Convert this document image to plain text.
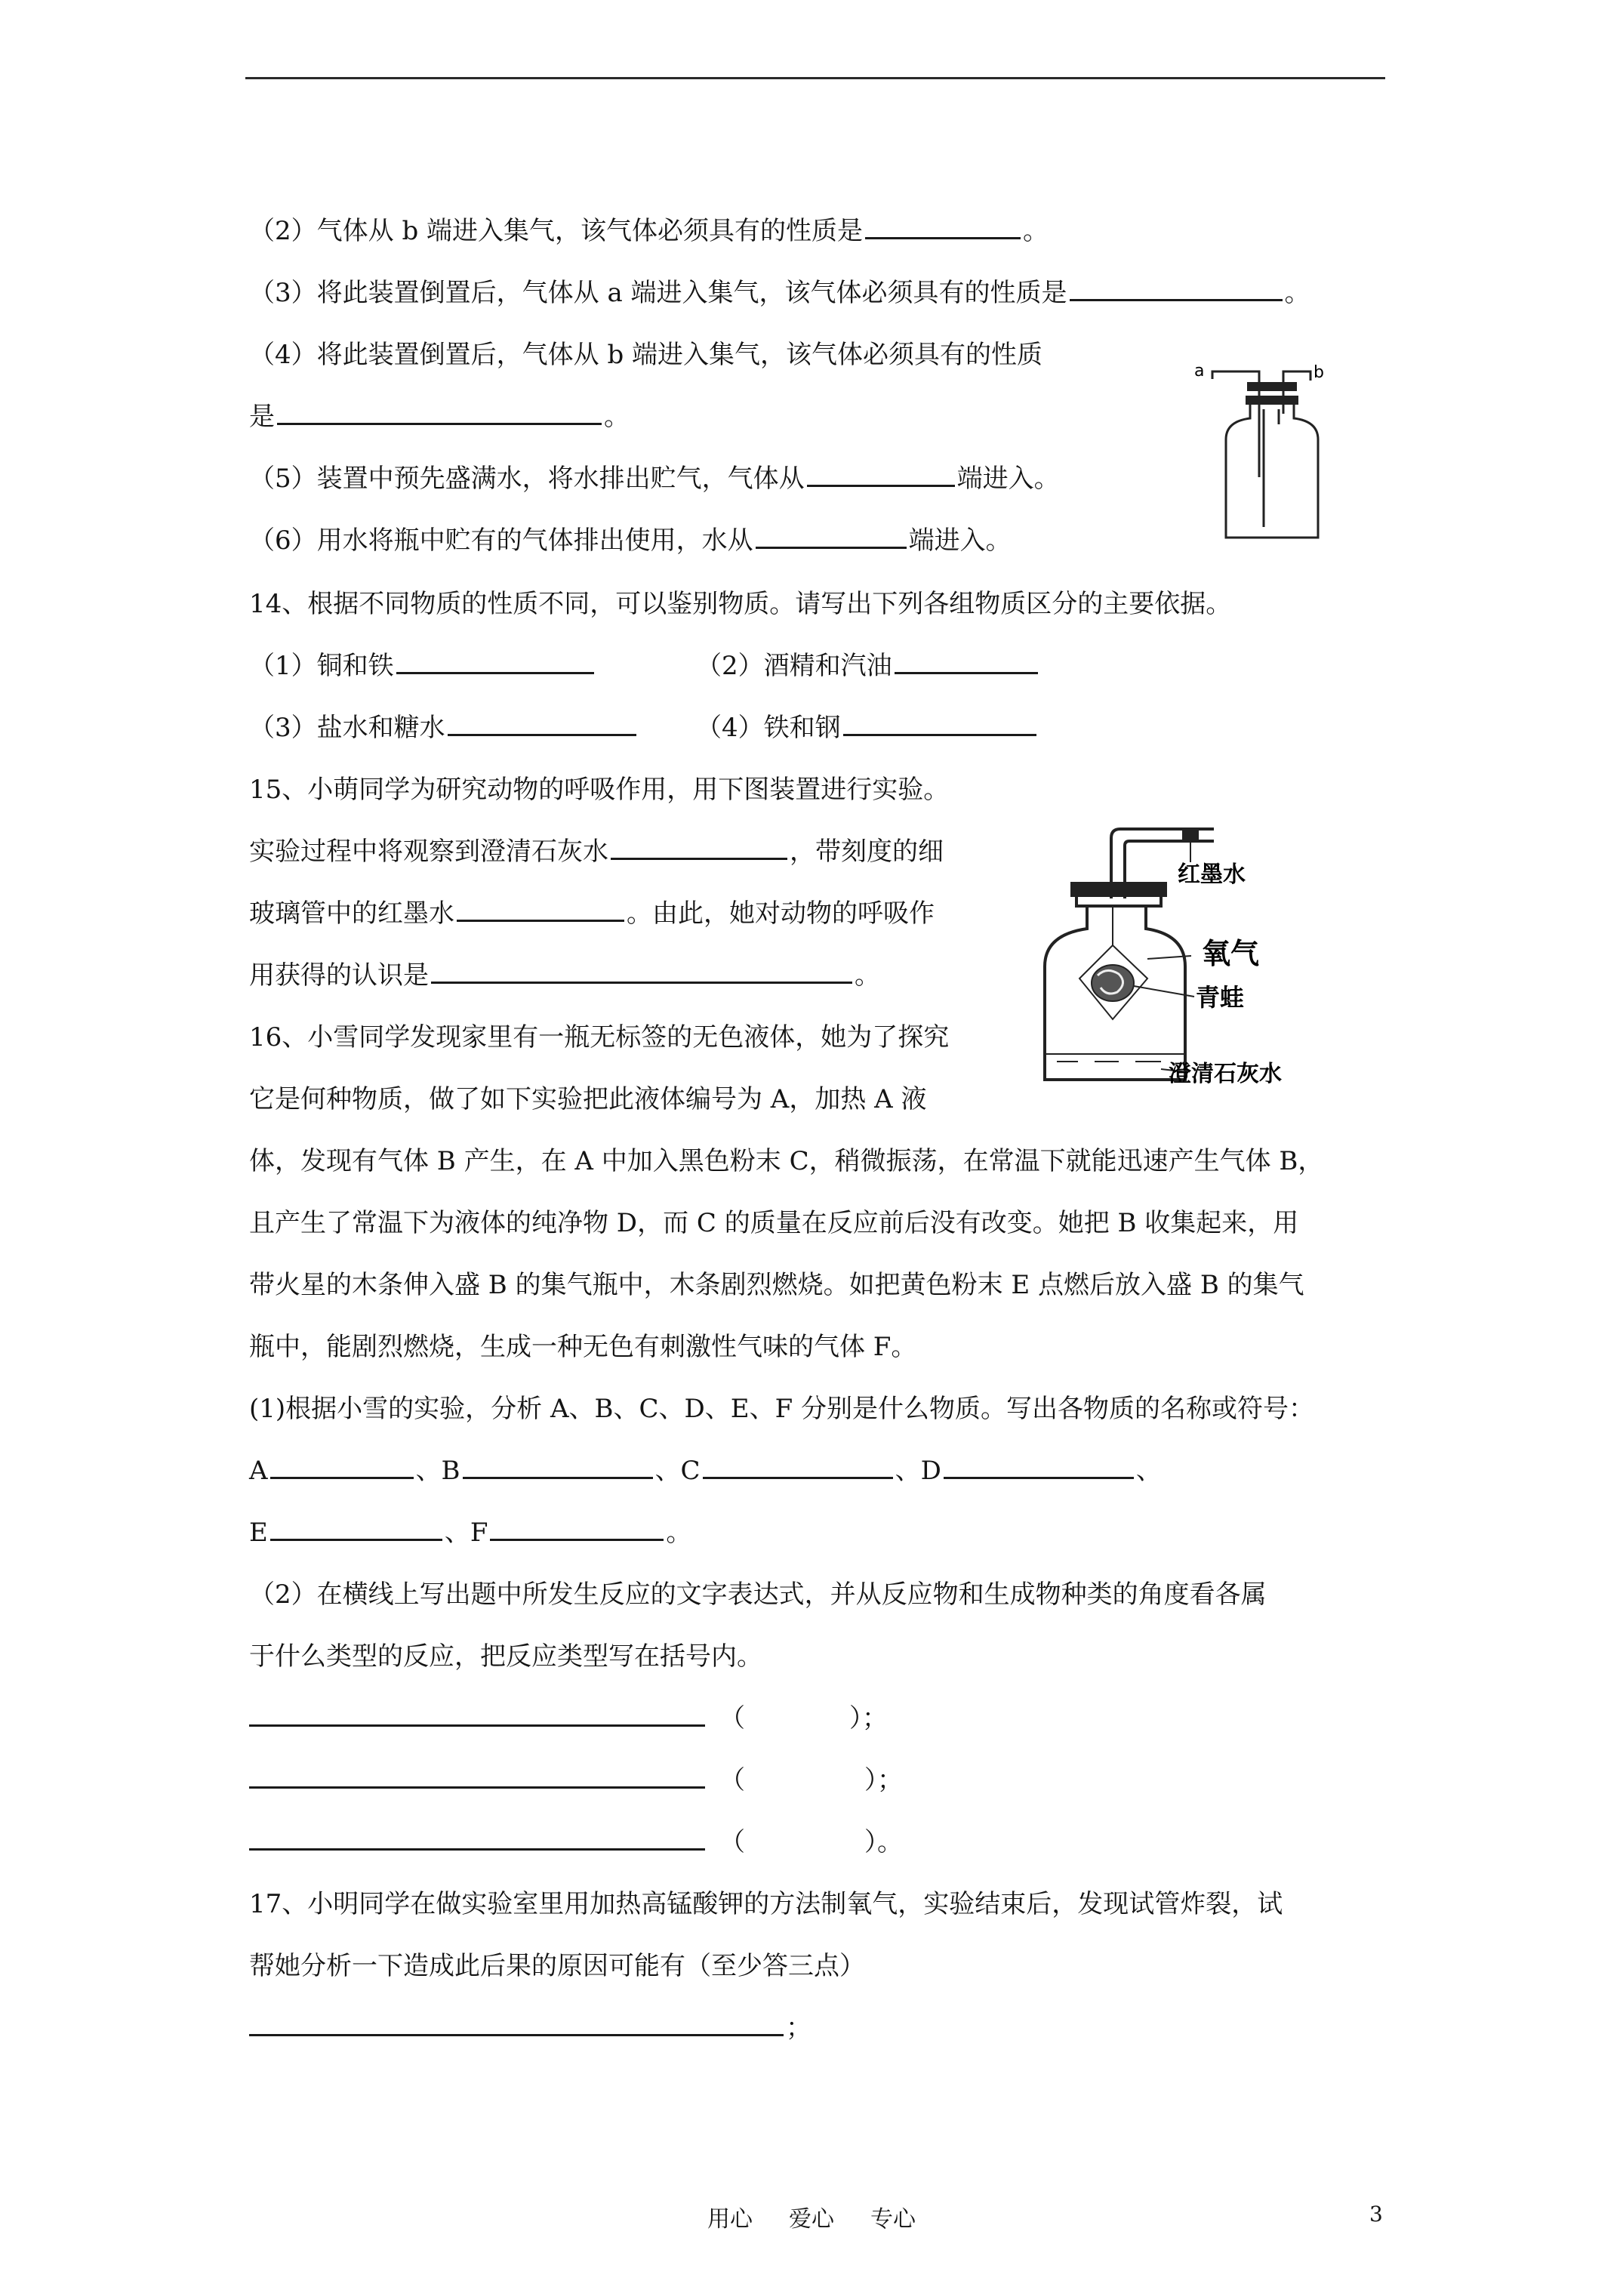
（2）气体从 b 端进入集气，该气体必须具有的性质是	。
（3）将此装置倒置后，气体从 a 端进入集气，该气体必须具有的性质是	。
（4）将此装置倒置后，气体从 b 端进入集气，该气体必须具有的性质
是	。
（5）装置中预先盛满水，将水排出贮气，气体从	端进入。
（6）用水将瓶中贮有的气体排出使用，水从	端进入。
a	b
14、根据不同物质的性质不同，可以鉴别物质。请写出下列各组物质区分的主要依据。
（1）铜和铁	（2）酒精和汽油
（3）盐水和糖水	（4）铁和钢
15、小萌同学为研究动物的呼吸作用，用下图装置进行实验。
实验过程中将观察到澄清石灰水	，带刻度的细
玻璃管中的红墨水	。由此，她对动物的呼吸作
用获得的认识是	。
红墨水
氧气
青蛙
澄清石灰水
16、小雪同学发现家里有一瓶无标签的无色液体，她为了探究
它是何种物质，做了如下实验把此液体编号为 A，加热 A 液
体，发现有气体 B 产生，在 A 中加入黑色粉末 C，稍微振荡，在常温下就能迅速产生气体 B，
且产生了常温下为液体的纯净物 D，而 C 的质量在反应前后没有改变。她把 B 收集起来，用
带火星的木条伸入盛 B 的集气瓶中，木条剧烈燃烧。如把黄色粉末 E 点燃后放入盛 B 的集气
瓶中，能剧烈燃烧，生成一种无色有刺激性气味的气体 F。
(1)根据小雪的实验，分析 A、B、C、D、E、F 分别是什么物质。写出各物质的名称或符号：
A	、B	、C	、D	、
E	、F	。
（2）在横线上写出题中所发生反应的文字表达式，并从反应物和生成物种类的角度看各属
于什么类型的反应，把反应类型写在括号内。
（	）；
（	）；
（	）。
17、小明同学在做实验室里用加热高锰酸钾的方法制氧气，实验结束后，发现试管炸裂，试
帮她分析一下造成此后果的原因可能有（至少答三点）
；
用心 爱心 专心	3
